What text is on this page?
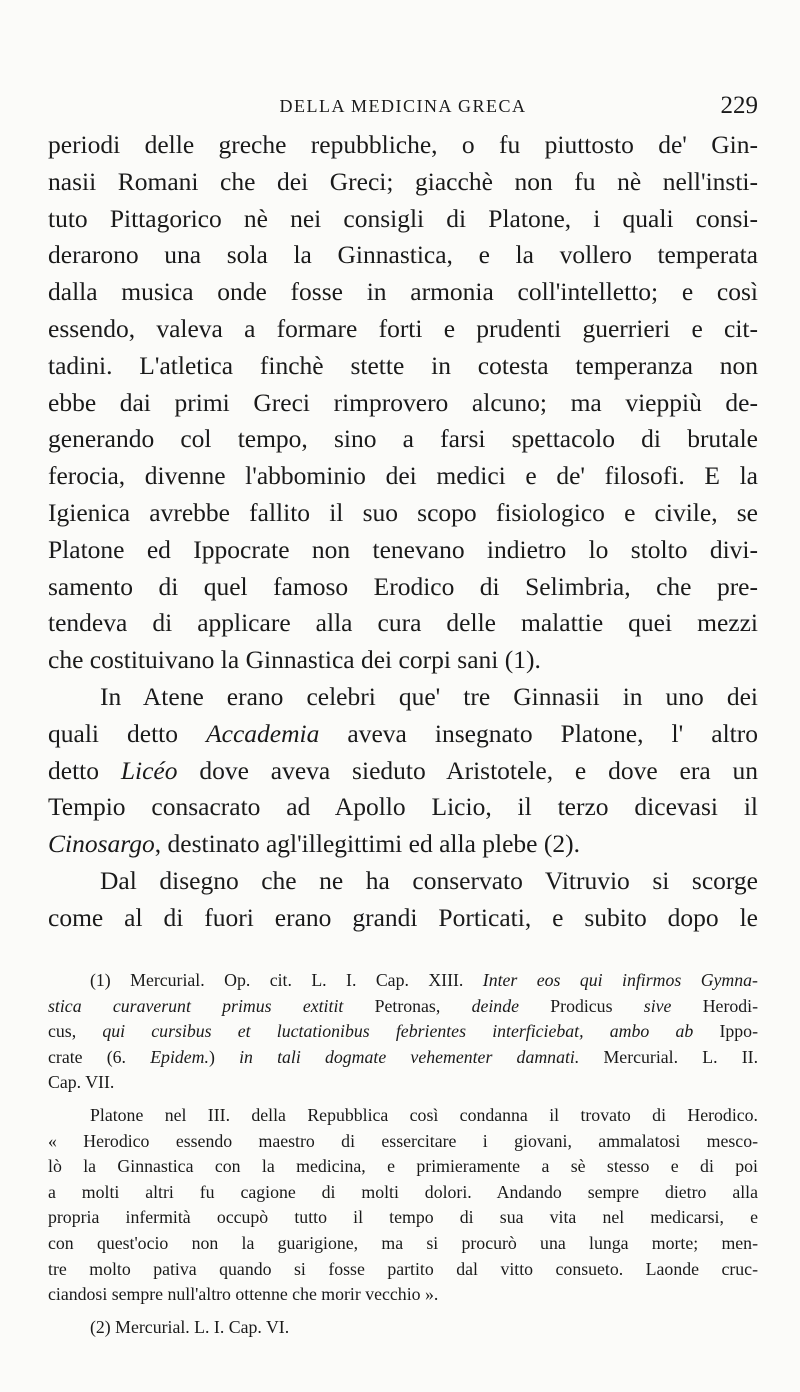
DELLA MEDICINA GRECA	229
periodi delle greche repubbliche, o fu piuttosto de' Gin-
nasii Romani che dei Greci; giacchè non fu nè nell'insti-
tuto Pittagorico nè nei consigli di Platone, i quali consi-
derarono una sola la Ginnastica, e la vollero temperata
dalla musica onde fosse in armonia coll'intelletto; e così
essendo, valeva a formare forti e prudenti guerrieri e cit-
tadini. L'atletica finchè stette in cotesta temperanza non
ebbe dai primi Greci rimprovero alcuno; ma vieppiù de-
generando col tempo, sino a farsi spettacolo di brutale
ferocia, divenne l'abbominio dei medici e de' filosofi. E la
Igienica avrebbe fallito il suo scopo fisiologico e civile, se
Platone ed Ippocrate non tenevano indietro lo stolto divi-
samento di quel famoso Erodico di Selimbria, che pre-
tendeva di applicare alla cura delle malattie quei mezzi
che costituivano la Ginnastica dei corpi sani (1).
In Atene erano celebri que' tre Ginnasii in uno dei
quali detto Accademia aveva insegnato Platone, l' altro
detto Licéo dove aveva sieduto Aristotele, e dove era un
Tempio consacrato ad Apollo Licio, il terzo dicevasi il
Cinosargo, destinato agl'illegittimi ed alla plebe (2).
Dal disegno che ne ha conservato Vitruvio si scorge
come al di fuori erano grandi Porticati, e subito dopo le
(1) Mercurial. Op. cit. L. I. Cap. XIII. Inter eos qui infirmos Gymna-
stica curaverunt primus extitit Petronas, deinde Prodicus sive Herodi-
cus, qui cursibus et luctationibus febrientes interficiebat, ambo ab Ippo-
crate (6. Epidem.) in tali dogmate vehementer damnati. Mercurial. L. II.
Cap. VII.
Platone nel III. della Repubblica così condanna il trovato di Herodico.
« Herodico essendo maestro di essercitare i giovani, ammalatosi mesco-
lò la Ginnastica con la medicina, e primieramente a sè stesso e di poi
a molti altri fu cagione di molti dolori. Andando sempre dietro alla
propria infermità occupò tutto il tempo di sua vita nel medicarsi, e
con quest'ocio non la guarigione, ma si procurò una lunga morte; men-
tre molto pativa quando si fosse partito dal vitto consueto. Laonde cruc-
ciandosi sempre null'altro ottenne che morir vecchio ».
(2) Mercurial. L. I. Cap. VI.
